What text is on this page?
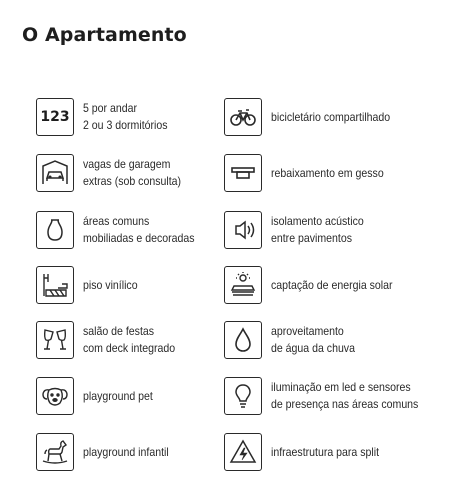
O Apartamento
123
5 por andar
2 ou 3 dormitórios
bicicletário compartilhado
vagas de garagem
extras (sob consulta)
rebaixamento em gesso
áreas comuns
mobiliadas e decoradas
isolamento acústico
entre pavimentos
piso vinílico	captação de energia solar
salão de festas
com deck integrado
aproveitamento
de água da chuva
playground pet
iluminação em led e sensores
de presença nas áreas comuns
playground infantil	infraestrutura para split
